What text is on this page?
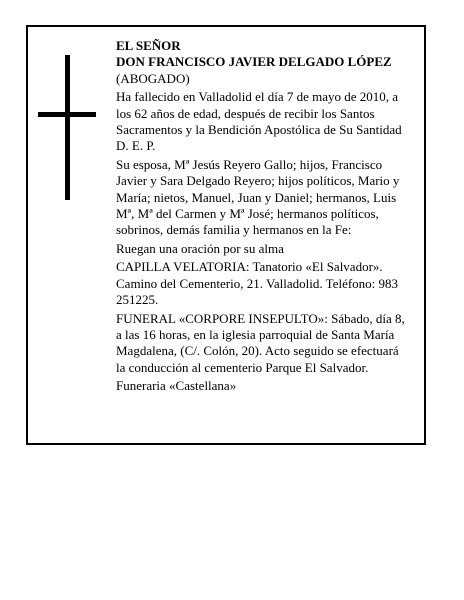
EL SEÑOR
DON FRANCISCO JAVIER DELGADO LÓPEZ
(ABOGADO)
Ha fallecido en Valladolid el día 7 de mayo de 2010, a
los 62 años de edad, después de recibir los Santos
Sacramentos y la Bendición Apostólica de Su Santidad
D. E. P.
Su esposa, Mª Jesús Reyero Gallo; hijos, Francisco
Javier y Sara Delgado Reyero; hijos políticos, Mario y
María; nietos, Manuel, Juan y Daniel; hermanos, Luis
Mª, Mª del Carmen y Mª José; hermanos políticos,
sobrinos, demás familia y hermanos en la Fe:
Ruegan una oración por su alma
CAPILLA VELATORIA: Tanatorio «El Salvador».
Camino del Cementerio, 21. Valladolid. Teléfono: 983
251225.
FUNERAL «CORPORE INSEPULTO»: Sábado, día 8,
a las 16 horas, en la iglesia parroquial de Santa María
Magdalena, (C/. Colón, 20). Acto seguido se efectuará
la conducción al cementerio Parque El Salvador.
Funeraria «Castellana»
